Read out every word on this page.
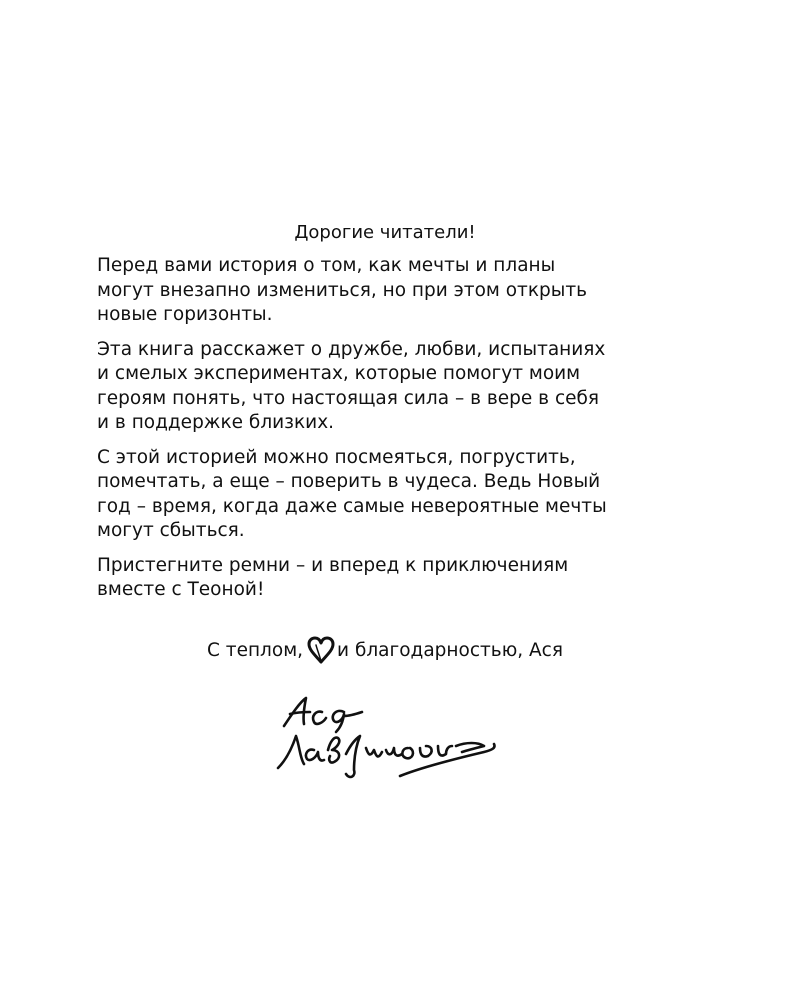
Дорогие читатели!

Перед вами история о том, как мечты и планы
могут внезапно измениться, но при этом открыть
новые горизонты.

Эта книга расскажет о дружбе, любви, испытаниях
и смелых экспериментах, которые помогут моим
героям понять, что настоящая сила – в вере в себя
и в поддержке близких.

С этой историей можно посмеяться, погрустить,
помечтать, а еще – поверить в чудеса. Ведь Новый
год – время, когда даже самые невероятные мечты
могут сбыться.

Пристегните ремни – и вперед к приключениям
вместе с Теоной!

С теплом, и благодарностью, Ася
